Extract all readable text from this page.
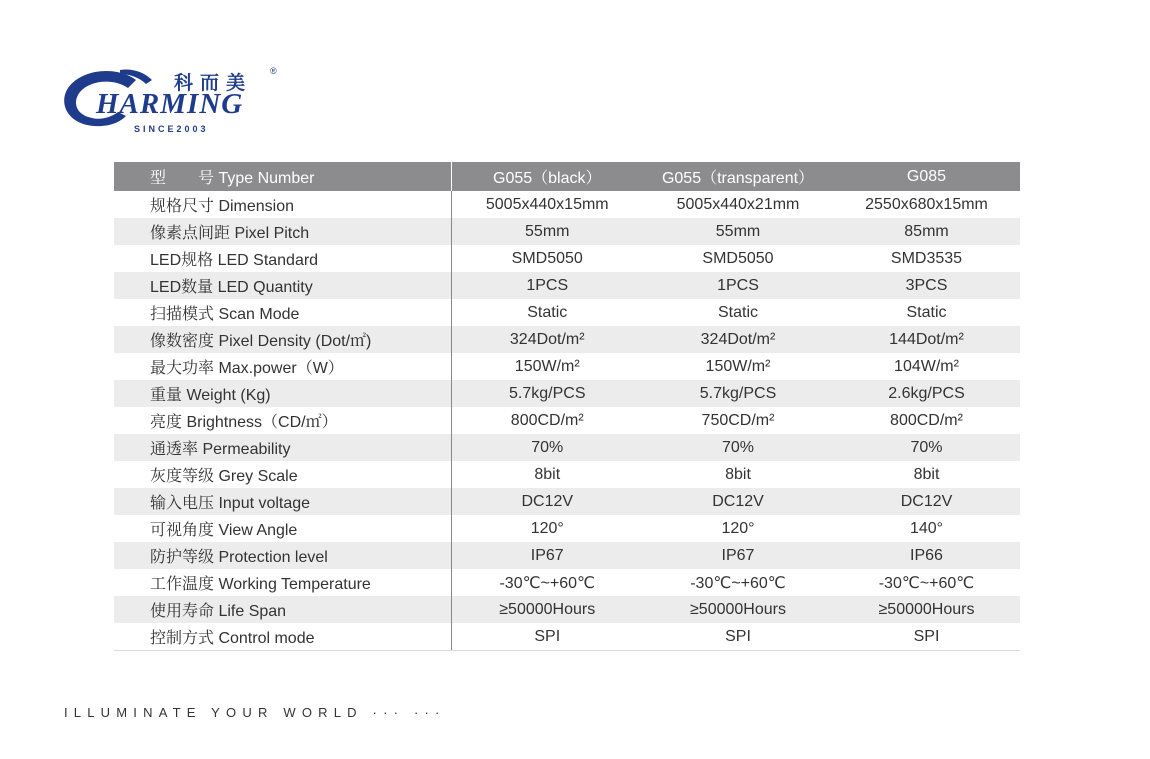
科而美
®
HARMING
SINCE2003
型　　号 Type Number	G055（black）	G055（transparent）	G085
规格尺寸 Dimension	5005x440x15mm	5005x440x21mm	2550x680x15mm
像素点间距 Pixel Pitch	55mm	55mm	85mm
LED规格 LED Standard	SMD5050	SMD5050	SMD3535
LED数量 LED Quantity	1PCS	1PCS	3PCS
扫描模式 Scan Mode	Static	Static	Static
像数密度 Pixel Density (Dot/㎡)	324Dot/m²	324Dot/m²	144Dot/m²
最大功率 Max.power（W）	150W/m²	150W/m²	104W/m²
重量 Weight (Kg)	5.7kg/PCS	5.7kg/PCS	2.6kg/PCS
亮度 Brightness（CD/㎡）	800CD/m²	750CD/m²	800CD/m²
通透率 Permeability	70%	70%	70%
灰度等级 Grey Scale	8bit	8bit	8bit
输入电压 Input voltage	DC12V	DC12V	DC12V
可视角度 View Angle	120°	120°	140°
防护等级 Protection level	IP67	IP67	IP66
工作温度 Working Temperature	-30℃~+60℃	-30℃~+60℃	-30℃~+60℃
使用寿命 Life Span	≥50000Hours	≥50000Hours	≥50000Hours
控制方式 Control mode	SPI	SPI	SPI
ILLUMINATE YOUR WORLD ··· ···
